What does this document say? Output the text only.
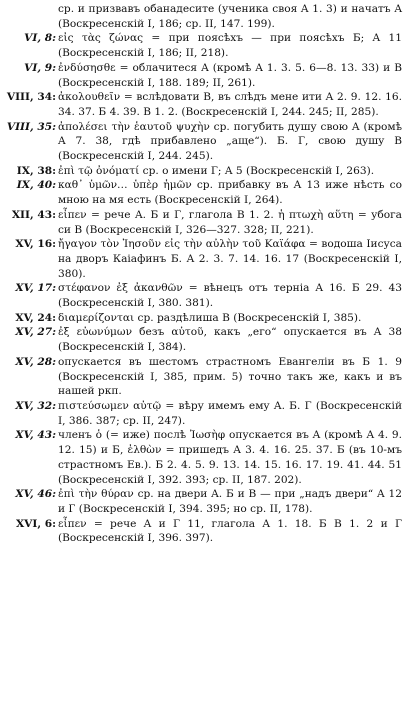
ср. и призвавъ обанадесите (ученика своя A 1. 3) и начатъ A (Воскресенскій I, 186; ср. II, 147. 199).
VI, 8: εἰς τὰς ζώνας = при поясѣхъ — при поясѣхъ Б; A 11 (Воскресенскій I, 186; II, 218).
VI, 9: ἐνδύσησθε = облачитеся A (кромѣ A 1. 3. 5. 6—8. 13. 33) и В (Воскресенскій I, 188. 189; II, 261).
VIII, 34: ἀκολουθεῖν = вслѣдовати В, въ слѣдъ мене ити A 2. 9. 12. 16. 34. 37. Б 4. 39. В 1. 2. (Воскресенскій I, 244. 245; II, 285).
VIII, 35: ἀπολέσει τὴν ἑαυτοῦ ψυχὴν ср. погубить душу свою A (кромѣ A 7. 38, гдѣ прибавлено „аще“). Б. Г, свою душу В (Воскресенскій I, 244. 245).
IX, 38: ἐπὶ τῷ ὀνόματί ср. о имени Г; A 5 (Воскресенскій I, 263).
IX, 40: καθ᾽ ὑμῶν… ὑπὲρ ἡμῶν ср. прибавку въ A 13 иже нѣсть со мною на мя есть (Воскресенскій I, 264).
XII, 43: εἶπεν = рече A. Б и Г, глагола В 1. 2. ἡ πτωχὴ αὕτη = убога си В (Воскресенскій I, 326—327. 328; II, 221).
XV, 16: ἤγαγον τὸν Ἰησοῦν εἰς τὴν αὐλὴν τοῦ Καϊάφα = водоша Іисуса на дворъ Каіафинъ Б. A 2. 3. 7. 14. 16. 17 (Воскресенскій I, 380).
XV, 17: στέφανον ἐξ ἀκανθῶν = вѣнецъ отъ терніа A 16. Б 29. 43 (Воскресенскій I, 380. 381).
XV, 24: διαμερίζονται ср. раздѣлиша В (Воскресенскій I, 385).
XV, 27: ἐξ εὐωνύμων безъ αὐτοῦ, какъ „его“ опускается въ A 38 (Воскресенскій I, 384).
XV, 28: опускается въ шестомъ страстномъ Евангеліи въ Б 1. 9 (Воскресенскій I, 385, прим. 5) точно такъ же, какъ и въ нашей ркп.
XV, 32: πιστεύσωμεν αὐτῷ = вѣру имемъ ему A. Б. Г (Воскресенскій I, 386. 387; ср. II, 247).
XV, 43: членъ ὁ (= иже) послѣ Ἰωσὴφ опускается въ A (кромѣ A 4. 9. 12. 15) и Б, ἐλθὼν = пришедъ A 3. 4. 16. 25. 37. Б (въ 10-мъ страстномъ Ев.). Б 2. 4. 5. 9. 13. 14. 15. 16. 17. 19. 41. 44. 51 (Воскресенскій I, 392. 393; ср. II, 187. 202).
XV, 46: ἐπὶ τὴν θύραν ср. на двери A. Б и В — при „надъ двери“ A 12 и Г (Воскресенскій I, 394. 395; но ср. II, 178).
XVI, 6: εἶπεν = рече A и Г 11, глагола A 1. 18. Б В 1. 2 и Г (Воскресенскій I, 396. 397).
